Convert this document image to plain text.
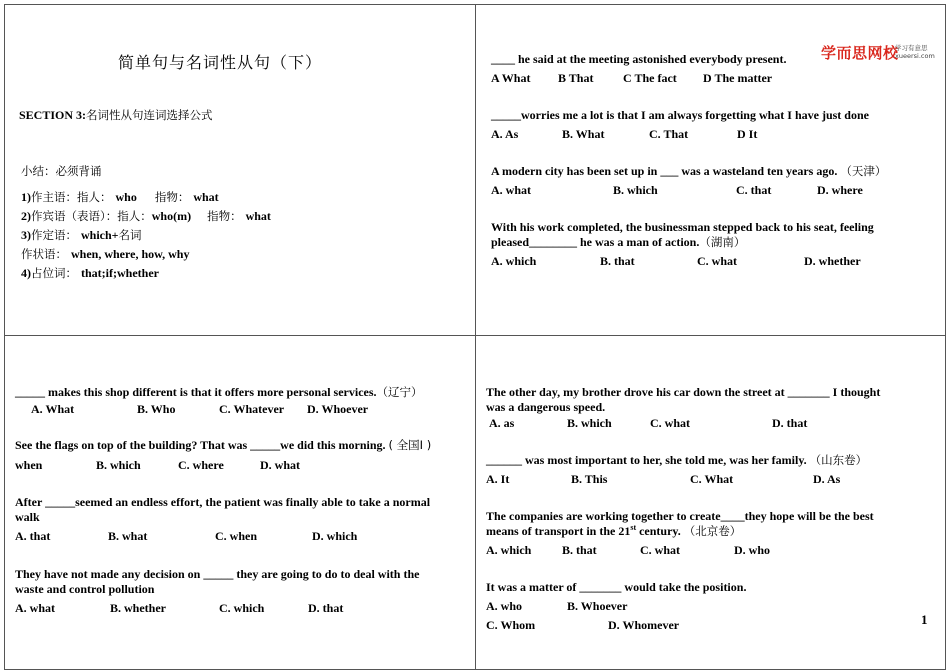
学而思网校
学习有意思
xueersi.com
简单句与名词性从句（下）
SECTION 3:名词性从句连词选择公式
小结：必须背诵
1)作主语：指人： who 指物： what
2)作宾语（表语）：指人：who(m) 指物： what
3)作定语： which+名词
作状语： when, where, how, why
4)占位词： that;if;whether
____ he said at the meeting astonished everybody present.
A What B That C The fact D The matter
_____worries me a lot is that I am always forgetting what I have just done
A. As	B. What	C. That	D It
A modern city has been set up in ___ was a wasteland ten years ago. （天津）
A. what	B. which	C. that	D. where
With his work completed, the businessman stepped back to his seat, feeling
pleased________ he was a man of action.（湖南）
A. which	B. that	C. what	D. whether
_____ makes this shop different is that it offers more personal services.（辽宁）
A. What	B. Who	C. Whatever D. Whoever
See the flags on top of the building? That was _____we did this morning. ( 全国I )
when	B. which	C. where	D. what
After _____seemed an endless effort, the patient was finally able to take a normal
walk
A. that	B. what	C. when	D. which
They have not made any decision on _____ they are going to do to deal with the
waste and control pollution
A. what	B. whether	C. which	D. that
The other day, my brother drove his car down the street at _______ I thought
was a dangerous speed.
A. as	B. which	C. what	D. that
______ was most important to her, she told me, was her family. （山东卷）
A. It	B. This	C. What	D. As
The companies are working together to create____they hope will be the best
means of transport in the 21st century. （北京卷）
A. which	B. that	C. what	D. who
It was a matter of _______ would take the position.
A. who	B. Whoever
C. Whom	D. Whomever	1
